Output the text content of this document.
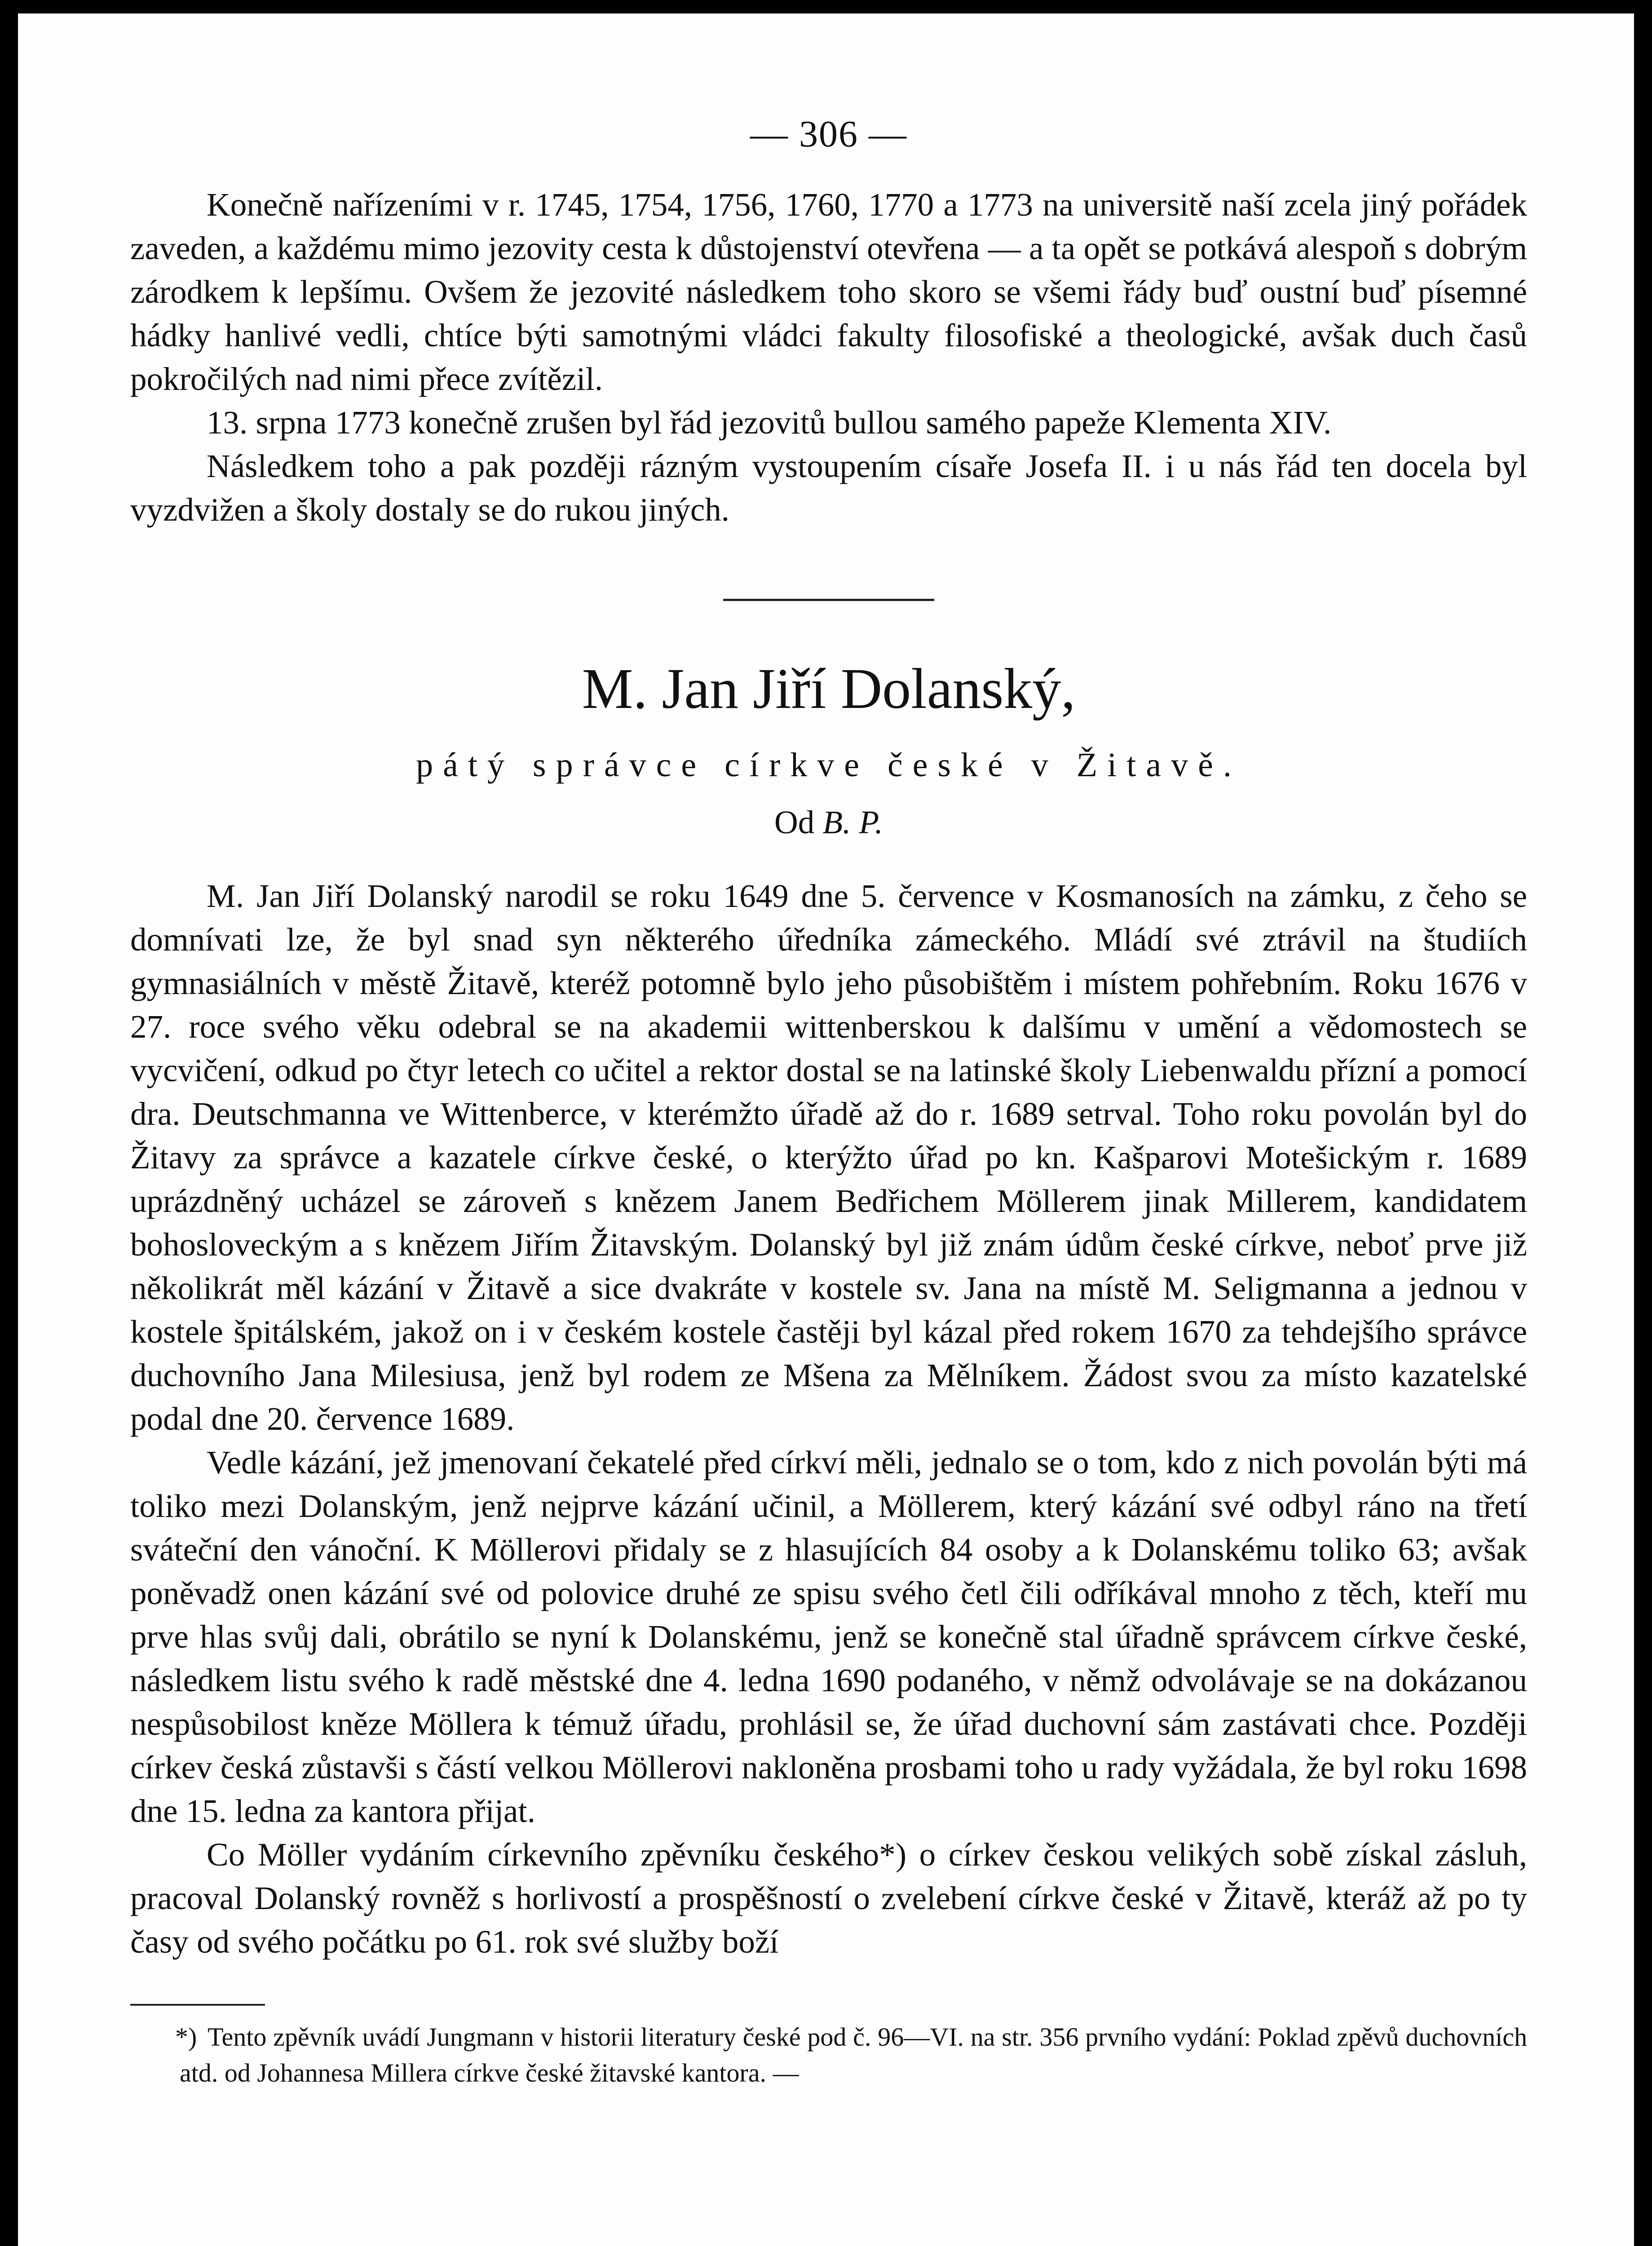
— 306 —

Konečně nařízeními v r. 1745, 1754, 1756, 1760, 1770 a 1773 na universitě naší zcela jiný pořádek zaveden, a každému mimo jezovity cesta k důstojenství otevřena — a ta opět se potkává alespoň s dobrým zárodkem k lepšímu. Ovšem že jezovité následkem toho skoro se všemi řády buď oustní buď písemné hádky hanlivé vedli, chtíce býti samotnými vládci fakulty filosofiské a theologické, avšak duch časů pokročilých nad nimi přece zvítězil.

13. srpna 1773 konečně zrušen byl řád jezovitů bullou samého papeže Klementa XIV.

Následkem toho a pak později rázným vystoupením císaře Josefa II. i u nás řád ten docela byl vyzdvižen a školy dostaly se do rukou jiných.

M. Jan Jiří Dolanský,
pátý správce církve české v Žitavě.
Od B. P.

M. Jan Jiří Dolanský narodil se roku 1649 dne 5. července v Kosmanosích na zámku, z čeho se domnívati lze, že byl snad syn některého úředníka zámeckého. Mládí své ztrávil na študiích gymnasiálních v městě Žitavě, kteréž potomně bylo jeho působištěm i místem pohřebním. Roku 1676 v 27. roce svého věku odebral se na akademii wittenberskou k dalšímu v umění a vědomostech se vycvičení, odkud po čtyr letech co učitel a rektor dostal se na latinské školy Liebenwaldu přízní a pomocí dra. Deutschmanna ve Wittenberce, v kterémžto úřadě až do r. 1689 setrval. Toho roku povolán byl do Žitavy za správce a kazatele církve české, o kterýžto úřad po kn. Kašparovi Motešickým r. 1689 uprázdněný ucházel se zároveň s knězem Janem Bedřichem Möllerem jinak Millerem, kandidatem bohosloveckým a s knězem Jiřím Žitavským. Dolanský byl již znám údům české církve, neboť prve již několikrát měl kázání v Žitavě a sice dvakráte v kostele sv. Jana na místě M. Seligmanna a jednou v kostele špitálském, jakož on i v českém kostele častěji byl kázal před rokem 1670 za tehdejšího správce duchovního Jana Milesiusa, jenž byl rodem ze Mšena za Mělníkem. Žádost svou za místo kazatelské podal dne 20. července 1689.

Vedle kázání, jež jmenovaní čekatelé před církví měli, jednalo se o tom, kdo z nich povolán býti má toliko mezi Dolanským, jenž nejprve kázání učinil, a Möllerem, který kázání své odbyl ráno na třetí sváteční den vánoční. K Möllerovi přidaly se z hlasujících 84 osoby a k Dolanskému toliko 63; avšak poněvadž onen kázání své od polovice druhé ze spisu svého četl čili odříkával mnoho z těch, kteří mu prve hlas svůj dali, obrátilo se nyní k Dolanskému, jenž se konečně stal úřadně správcem církve české, následkem listu svého k radě městské dne 4. ledna 1690 podaného, v němž odvolávaje se na dokázanou nespůsobilost kněze Möllera k témuž úřadu, prohlásil se, že úřad duchovní sám zastávati chce. Později církev česká zůstavši s částí velkou Möllerovi nakloněna prosbami toho u rady vyžádala, že byl roku 1698 dne 15. ledna za kantora přijat.

Co Möller vydáním církevního zpěvníku českého*) o církev českou velikých sobě získal zásluh, pracoval Dolanský rovněž s horlivostí a prospěšností o zvelebení církve české v Žitavě, kteráž až po ty časy od svého počátku po 61. rok své služby boží

*) Tento zpěvník uvádí Jungmann v historii literatury české pod č. 96—VI. na str. 356 prvního vydání: Poklad zpěvů duchovních atd. od Johannesa Millera církve české žitavské kantora. —
